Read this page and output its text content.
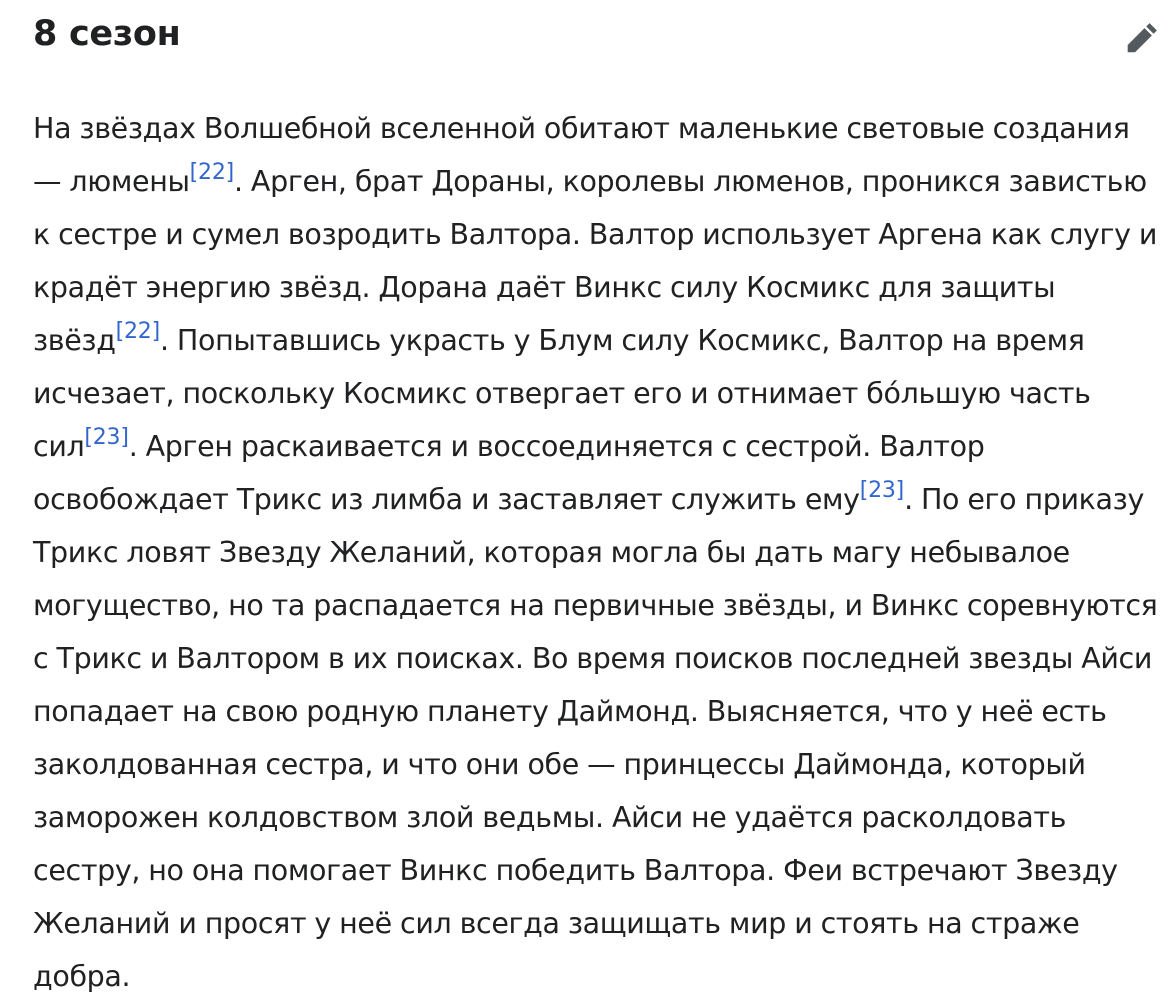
8 сезон

На звёздах Волшебной вселенной обитают маленькие световые создания — люмены[22]. Арген, брат Дораны, королевы люменов, проникся завистью к сестре и сумел возродить Валтора. Валтор использует Аргена как слугу и крадёт энергию звёзд. Дорана даёт Винкс силу Космикс для защиты звёзд[22]. Попытавшись украсть у Блум силу Космикс, Валтор на время исчезает, поскольку Космикс отвергает его и отнимает бо́льшую часть сил[23]. Арген раскаивается и воссоединяется с сестрой. Валтор освобождает Трикс из лимба и заставляет служить ему[23]. По его приказу Трикс ловят Звезду Желаний, которая могла бы дать магу небывалое могущество, но та распадается на первичные звёзды, и Винкс соревнуются с Трикс и Валтором в их поисках. Во время поисков последней звезды Айси попадает на свою родную планету Даймонд. Выясняется, что у неё есть заколдованная сестра, и что они обе — принцессы Даймонда, который заморожен колдовством злой ведьмы. Айси не удаётся расколдовать сестру, но она помогает Винкс победить Валтора. Феи встречают Звезду Желаний и просят у неё сил всегда защищать мир и стоять на страже добра.
